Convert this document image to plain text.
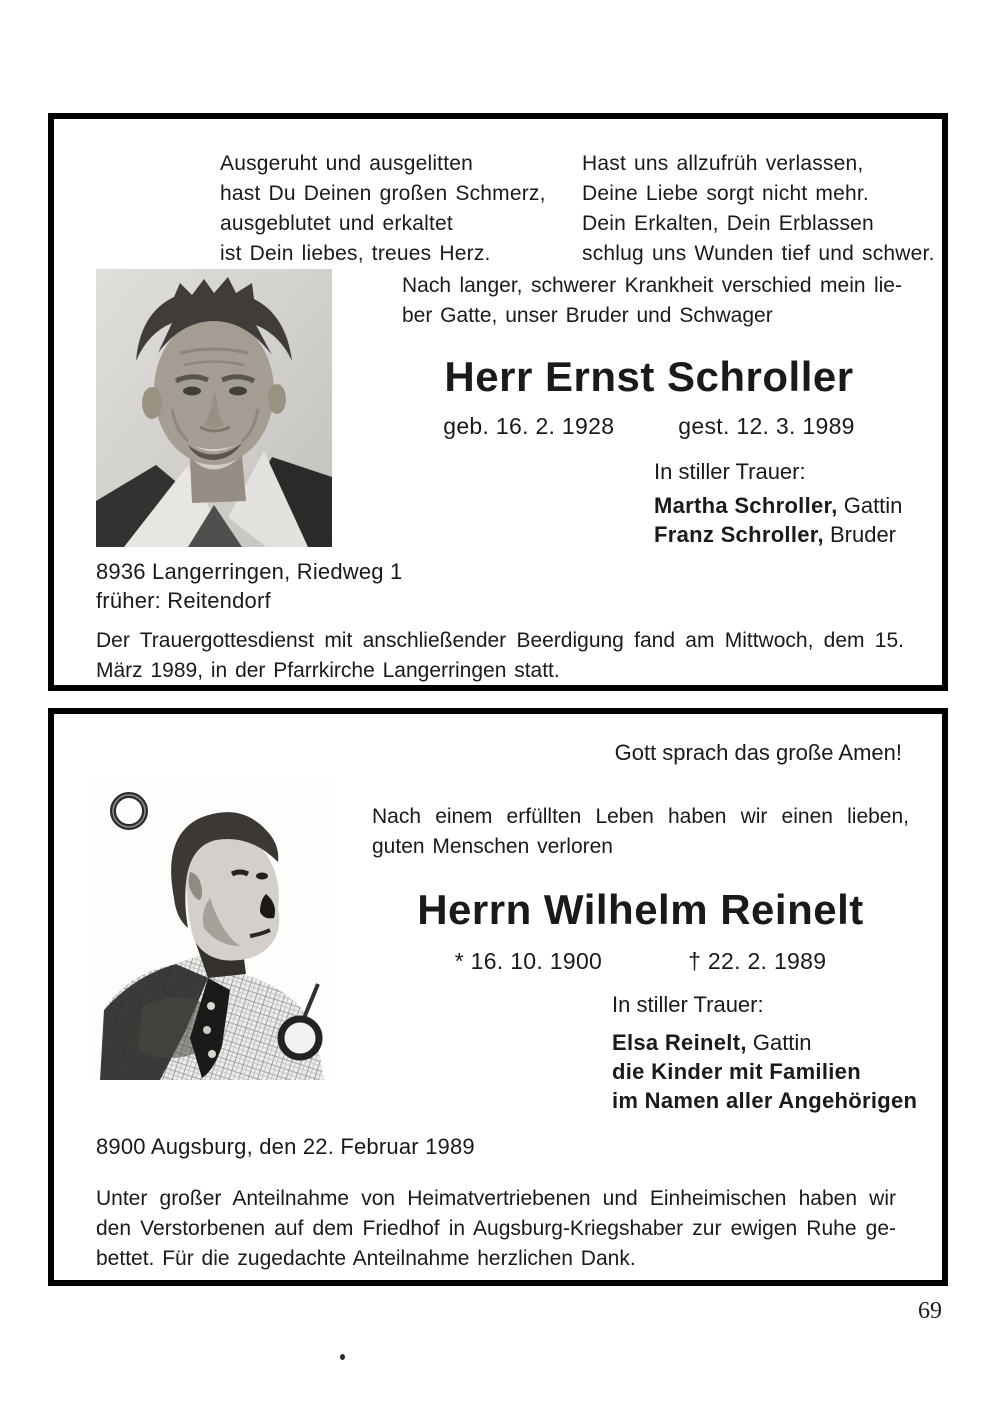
Ausgeruht und ausgelitten
hast Du Deinen großen Schmerz,
ausgeblutet und erkaltet
ist Dein liebes, treues Herz.
Hast uns allzufrüh verlassen,
Deine Liebe sorgt nicht mehr.
Dein Erkalten, Dein Erblassen
schlug uns Wunden tief und schwer.
Nach langer, schwerer Krankheit verschied mein lieber Gatte, unser Bruder und Schwager
Herr Ernst Schroller
geb. 16. 2. 1928	gest. 12. 3. 1989
In stiller Trauer:
Martha Schroller, Gattin
Franz Schroller, Bruder
8936 Langerringen, Riedweg 1
früher: Reitendorf
Der Trauergottesdienst mit anschließender Beerdigung fand am Mittwoch, dem 15. März 1989, in der Pfarrkirche Langerringen statt.
Gott sprach das große Amen!
Nach einem erfüllten Leben haben wir einen lieben, guten Menschen verloren
Herrn Wilhelm Reinelt
* 16. 10. 1900	† 22. 2. 1989
In stiller Trauer:
Elsa Reinelt, Gattin
die Kinder mit Familien
im Namen aller Angehörigen
8900 Augsburg, den 22. Februar 1989
Unter großer Anteilnahme von Heimatvertriebenen und Einheimischen haben wir den Verstorbenen auf dem Friedhof in Augsburg-Kriegshaber zur ewigen Ruhe gebettet. Für die zugedachte Anteilnahme herzlichen Dank.
69
